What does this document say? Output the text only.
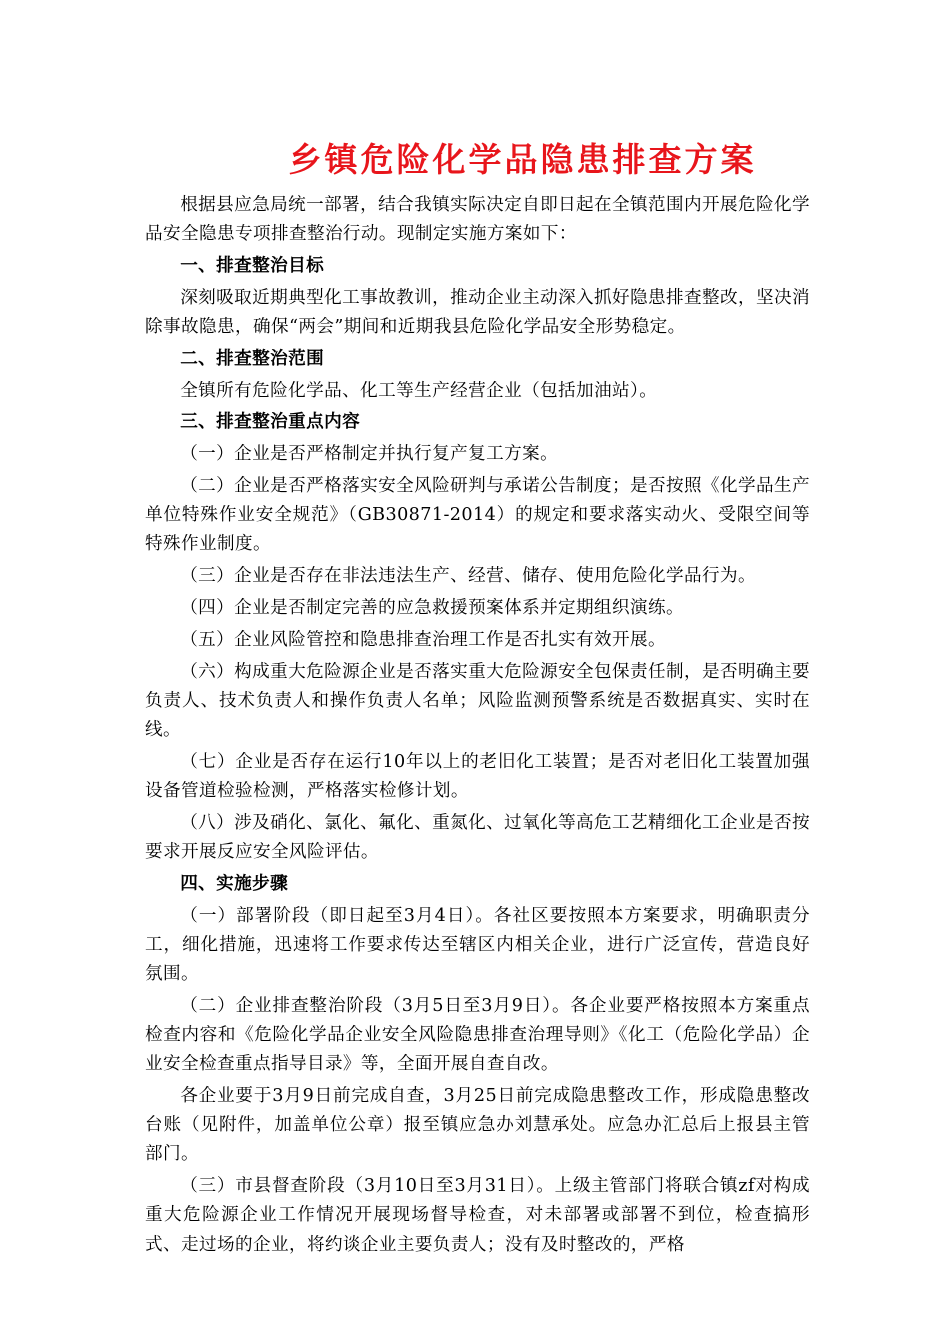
乡镇危险化学品隐患排查方案

根据县应急局统一部署，结合我镇实际决定自即日起在全镇范围内开展危险化学品安全隐患专项排查整治行动。现制定实施方案如下：

一、排查整治目标

深刻吸取近期典型化工事故教训，推动企业主动深入抓好隐患排查整改，坚决消除事故隐患，确保“两会”期间和近期我县危险化学品安全形势稳定。

二、排查整治范围

全镇所有危险化学品、化工等生产经营企业（包括加油站）。

三、排查整治重点内容

（一）企业是否严格制定并执行复产复工方案。

（二）企业是否严格落实安全风险研判与承诺公告制度；是否按照《化学品生产单位特殊作业安全规范》（GB30871-2014）的规定和要求落实动火、受限空间等特殊作业制度。

（三）企业是否存在非法违法生产、经营、储存、使用危险化学品行为。

（四）企业是否制定完善的应急救援预案体系并定期组织演练。

（五）企业风险管控和隐患排查治理工作是否扎实有效开展。

（六）构成重大危险源企业是否落实重大危险源安全包保责任制，是否明确主要负责人、技术负责人和操作负责人名单；风险监测预警系统是否数据真实、实时在线。

（七）企业是否存在运行10年以上的老旧化工装置；是否对老旧化工装置加强设备管道检验检测，严格落实检修计划。

（八）涉及硝化、氯化、氟化、重氮化、过氧化等高危工艺精细化工企业是否按要求开展反应安全风险评估。

四、实施步骤

（一）部署阶段（即日起至3月4日）。各社区要按照本方案要求，明确职责分工，细化措施，迅速将工作要求传达至辖区内相关企业，进行广泛宣传，营造良好氛围。

（二）企业排查整治阶段（3月5日至3月9日）。各企业要严格按照本方案重点检查内容和《危险化学品企业安全风险隐患排查治理导则》《化工（危险化学品）企业安全检查重点指导目录》等，全面开展自查自改。

各企业要于3月9日前完成自查，3月25日前完成隐患整改工作，形成隐患整改台账（见附件，加盖单位公章）报至镇应急办刘慧承处。应急办汇总后上报县主管部门。

（三）市县督查阶段（3月10日至3月31日）。上级主管部门将联合镇zf对构成重大危险源企业工作情况开展现场督导检查，对未部署或部署不到位，检查搞形式、走过场的企业，将约谈企业主要负责人；没有及时整改的，严格
